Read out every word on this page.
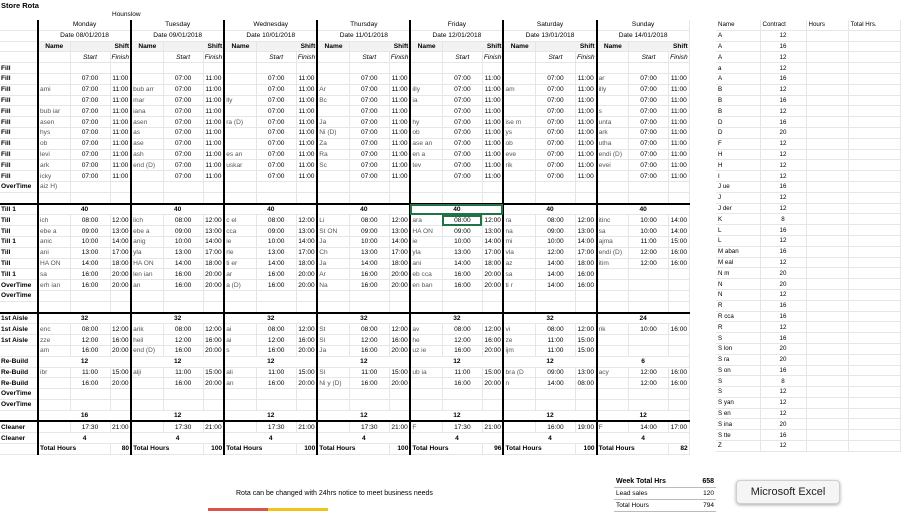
Store Rota
Hounslow
	Monday			Tuesday			Wednesday			Thursday			Friday			Saturday			Sunday		
	Date 08/01/2018			Date 09/01/2018			Date 10/01/2018			Date 11/01/2018			Date 12/01/2018			Date 13/01/2018			Date 14/01/2018		
	Name	Shift		Name	Shift		Name	Shift		Name	Shift		Name	Shift		Name	Shift		Name	Shift	
		Start	Finish		Start	Finish		Start	Finish		Start	Finish		Start	Finish		Start	Finish		Start	Finish
Fill																					
Fill		07:00	11:00		07:00	11:00		07:00	11:00		07:00	11:00		07:00	11:00		07:00	11:00	ar	07:00	11:00
Fill	ami	07:00	11:00	bub arr	07:00	11:00		07:00	11:00	Ar	07:00	11:00	illy	07:00	11:00	am	07:00	11:00	illy	07:00	11:00
Fill		07:00	11:00	mar	07:00	11:00	lly	07:00	11:00	Bc	07:00	11:00	ia	07:00	11:00		07:00	11:00		07:00	11:00
Fill	bub iar	07:00	11:00	iana	07:00	11:00		07:00	11:00		07:00	11:00		07:00	11:00		07:00	11:00	s	07:00	11:00
Fill	asen	07:00	11:00	asen	07:00	11:00	ra (D)	07:00	11:00	Ja	07:00	11:00	hy	07:00	11:00	ise m	07:00	11:00	unta	07:00	11:00
Fill	hys	07:00	11:00	as	07:00	11:00		07:00	11:00	Ni (D)	07:00	11:00	ob	07:00	11:00	ys	07:00	11:00	ark	07:00	11:00
Fill	ob	07:00	11:00	ase	07:00	11:00		07:00	11:00	Za	07:00	11:00	ase an	07:00	11:00	ob	07:00	11:00	utha	07:00	11:00
Fill	levi	07:00	11:00	ash	07:00	11:00	es an	07:00	11:00	Ra	07:00	11:00	en a	07:00	11:00	eve	07:00	11:00	endi (D)	07:00	11:00
Fill	ark	07:00	11:00	end (D)	07:00	11:00	uskar	07:00	11:00	Sc	07:00	11:00	tev	07:00	11:00	rik	07:00	11:00	evei	07:00	11:00
Fill	icky	07:00	11:00		07:00	11:00		07:00	11:00		07:00	11:00		07:00	11:00		07:00	11:00		07:00	11:00
OverTime	aiz H)																				

Till 1	40			40			40			40			40			40			40		
Till	ich	08:00	12:00	lich	08:00	12:00	c el	08:00	12:00	Li	08:00	12:00	ara	08:00	12:00	ra	08:00	12:00	itinc	10:00	14:00
Till	ebe a	09:00	13:00	ebe a	09:00	13:00	cca	09:00	13:00	St ON	09:00	13:00	HA ON	09:00	13:00	na	09:00	13:00	sa	10:00	14:00
Till 1	anic	10:00	14:00	anig	10:00	14:00	ie	10:00	14:00	Ja	10:00	14:00	ie	10:00	14:00	mi	10:00	14:00	ajma	11:00	15:00
Till	ani	13:00	17:00	yla	13:00	17:00	rle	13:00	17:00	Ch	13:00	17:00	yla	13:00	17:00	vla	12:00	17:00	endi (D)	12:00	16:00
Till	HA ON	14:00	18:00	HA ON	14:00	18:00	ti er	14:00	18:00	Ja	14:00	18:00	ani	14:00	18:00	az	14:00	18:00	itim	12:00	16:00
Till 1	sa	16:00	20:00	len ian	16:00	20:00	ar	16:00	20:00	Ar	16:00	20:00	eb cca	16:00	20:00	sa	14:00	16:00			
OverTime	erh ian	16:00	20:00	an	16:00	20:00	a (D)	16:00	20:00	Na	16:00	20:00	en ban	16:00	20:00	ti r	14:00	16:00			
OverTime																					

1st Aisle	32			32			32			32			32			32			24		
1st Aisle	enc	08:00	12:00	arik	08:00	12:00	ai	08:00	12:00	St	08:00	12:00	av	08:00	12:00	vi	08:00	12:00	rik	10:00	16:00
1st Aisle	zze	12:00	16:00	heil	12:00	16:00	ai	12:00	16:00	Sl	12:00	16:00	he	12:00	16:00	ze	11:00	15:00			
	am	16:00	20:00	end (D)	16:00	20:00	s	16:00	20:00	Ja	16:00	20:00	uz ie	16:00	20:00	ijm	11:00	15:00			
Re-Build	12			12			12			12			12			12			6		
Re-Build	ibr	11:00	15:00	alji	11:00	15:00	ali	11:00	15:00	Sl	11:00	15:00	ub ia	11:00	15:00	bra (D	09:00	13:00	acy	12:00	16:00
Re-Build		16:00	20:00		16:00	20:00	an	16:00	20:00	Ni y (D)	16:00	20:00		16:00	20:00	n	14:00	08:00		12:00	16:00
OverTime																					
OverTime																					
	16			12			12			12			12			12			12		
Cleaner		17:30	21:00		17:30	21:00		17:30	21:00		17:30	21:00	F	17:30	21:00		16:00	19:00	F	14:00	17:00
Cleaner	4			4			4			4			4			4			4		
	Total Hours		80	Total Hours		100	Total Hours		100	Total Hours		100	Total Hours		96	Total Hours		100	Total Hours		82
Name	Contract	Hours	Total Hrs.
A	12		
A	16		
A	12		
a	12		
A	16		
B	12		
B	16		
B	12		
D	16		
D	20		
F	12		
H	12		
H	12		
I	12		
J ue	16		
J	12		
J der	12		
K	8		
L	16		
L	12		
M aban	16		
M eal	12		
N m	20		
N	20		
N	12		
R	16		
R cca	16		
R	12		
S	16		
S lon	20		
S ra	20		
S on	16		
S	8		
S	12		
S yan	12		
S en	12		
S ina	20		
S tte	16		
Z	12		
Week Total Hrs	658
Lead sales	120
Total Hours	794
Rota can be changed with 24hrs notice to meet business needs	Microsoft Excel
